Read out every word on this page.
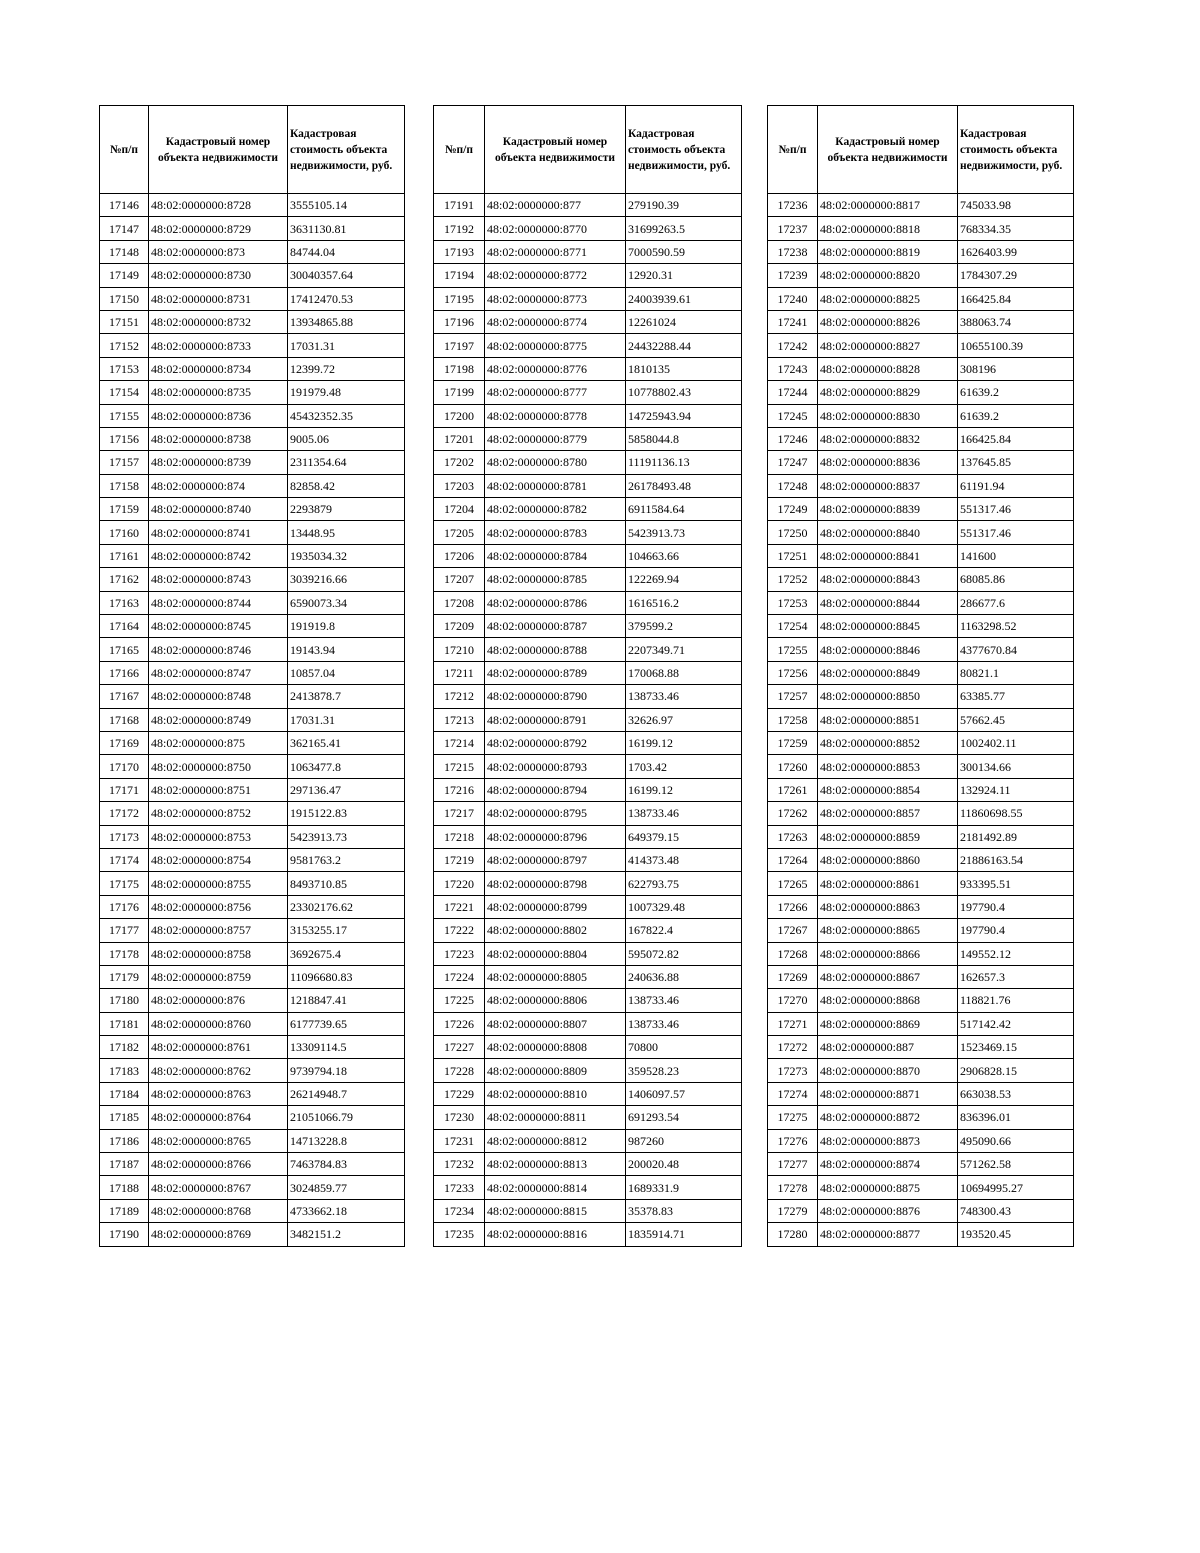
№п/п	Кадастровый номер объекта недвижимости	Кадастровая стоимость объекта недвижимости, руб.
17146	48:02:0000000:8728	3555105.14
17147	48:02:0000000:8729	3631130.81
17148	48:02:0000000:873	84744.04
17149	48:02:0000000:8730	30040357.64
17150	48:02:0000000:8731	17412470.53
17151	48:02:0000000:8732	13934865.88
17152	48:02:0000000:8733	17031.31
17153	48:02:0000000:8734	12399.72
17154	48:02:0000000:8735	191979.48
17155	48:02:0000000:8736	45432352.35
17156	48:02:0000000:8738	9005.06
17157	48:02:0000000:8739	2311354.64
17158	48:02:0000000:874	82858.42
17159	48:02:0000000:8740	2293879
17160	48:02:0000000:8741	13448.95
17161	48:02:0000000:8742	1935034.32
17162	48:02:0000000:8743	3039216.66
17163	48:02:0000000:8744	6590073.34
17164	48:02:0000000:8745	191919.8
17165	48:02:0000000:8746	19143.94
17166	48:02:0000000:8747	10857.04
17167	48:02:0000000:8748	2413878.7
17168	48:02:0000000:8749	17031.31
17169	48:02:0000000:875	362165.41
17170	48:02:0000000:8750	1063477.8
17171	48:02:0000000:8751	297136.47
17172	48:02:0000000:8752	1915122.83
17173	48:02:0000000:8753	5423913.73
17174	48:02:0000000:8754	9581763.2
17175	48:02:0000000:8755	8493710.85
17176	48:02:0000000:8756	23302176.62
17177	48:02:0000000:8757	3153255.17
17178	48:02:0000000:8758	3692675.4
17179	48:02:0000000:8759	11096680.83
17180	48:02:0000000:876	1218847.41
17181	48:02:0000000:8760	6177739.65
17182	48:02:0000000:8761	13309114.5
17183	48:02:0000000:8762	9739794.18
17184	48:02:0000000:8763	26214948.7
17185	48:02:0000000:8764	21051066.79
17186	48:02:0000000:8765	14713228.8
17187	48:02:0000000:8766	7463784.83
17188	48:02:0000000:8767	3024859.77
17189	48:02:0000000:8768	4733662.18
17190	48:02:0000000:8769	3482151.2
№п/п	Кадастровый номер объекта недвижимости	Кадастровая стоимость объекта недвижимости, руб.
17191	48:02:0000000:877	279190.39
17192	48:02:0000000:8770	31699263.5
17193	48:02:0000000:8771	7000590.59
17194	48:02:0000000:8772	12920.31
17195	48:02:0000000:8773	24003939.61
17196	48:02:0000000:8774	12261024
17197	48:02:0000000:8775	24432288.44
17198	48:02:0000000:8776	1810135
17199	48:02:0000000:8777	10778802.43
17200	48:02:0000000:8778	14725943.94
17201	48:02:0000000:8779	5858044.8
17202	48:02:0000000:8780	11191136.13
17203	48:02:0000000:8781	26178493.48
17204	48:02:0000000:8782	6911584.64
17205	48:02:0000000:8783	5423913.73
17206	48:02:0000000:8784	104663.66
17207	48:02:0000000:8785	122269.94
17208	48:02:0000000:8786	1616516.2
17209	48:02:0000000:8787	379599.2
17210	48:02:0000000:8788	2207349.71
17211	48:02:0000000:8789	170068.88
17212	48:02:0000000:8790	138733.46
17213	48:02:0000000:8791	32626.97
17214	48:02:0000000:8792	16199.12
17215	48:02:0000000:8793	1703.42
17216	48:02:0000000:8794	16199.12
17217	48:02:0000000:8795	138733.46
17218	48:02:0000000:8796	649379.15
17219	48:02:0000000:8797	414373.48
17220	48:02:0000000:8798	622793.75
17221	48:02:0000000:8799	1007329.48
17222	48:02:0000000:8802	167822.4
17223	48:02:0000000:8804	595072.82
17224	48:02:0000000:8805	240636.88
17225	48:02:0000000:8806	138733.46
17226	48:02:0000000:8807	138733.46
17227	48:02:0000000:8808	70800
17228	48:02:0000000:8809	359528.23
17229	48:02:0000000:8810	1406097.57
17230	48:02:0000000:8811	691293.54
17231	48:02:0000000:8812	987260
17232	48:02:0000000:8813	200020.48
17233	48:02:0000000:8814	1689331.9
17234	48:02:0000000:8815	35378.83
17235	48:02:0000000:8816	1835914.71
№п/п	Кадастровый номер объекта недвижимости	Кадастровая стоимость объекта недвижимости, руб.
17236	48:02:0000000:8817	745033.98
17237	48:02:0000000:8818	768334.35
17238	48:02:0000000:8819	1626403.99
17239	48:02:0000000:8820	1784307.29
17240	48:02:0000000:8825	166425.84
17241	48:02:0000000:8826	388063.74
17242	48:02:0000000:8827	10655100.39
17243	48:02:0000000:8828	308196
17244	48:02:0000000:8829	61639.2
17245	48:02:0000000:8830	61639.2
17246	48:02:0000000:8832	166425.84
17247	48:02:0000000:8836	137645.85
17248	48:02:0000000:8837	61191.94
17249	48:02:0000000:8839	551317.46
17250	48:02:0000000:8840	551317.46
17251	48:02:0000000:8841	141600
17252	48:02:0000000:8843	68085.86
17253	48:02:0000000:8844	286677.6
17254	48:02:0000000:8845	1163298.52
17255	48:02:0000000:8846	4377670.84
17256	48:02:0000000:8849	80821.1
17257	48:02:0000000:8850	63385.77
17258	48:02:0000000:8851	57662.45
17259	48:02:0000000:8852	1002402.11
17260	48:02:0000000:8853	300134.66
17261	48:02:0000000:8854	132924.11
17262	48:02:0000000:8857	11860698.55
17263	48:02:0000000:8859	2181492.89
17264	48:02:0000000:8860	21886163.54
17265	48:02:0000000:8861	933395.51
17266	48:02:0000000:8863	197790.4
17267	48:02:0000000:8865	197790.4
17268	48:02:0000000:8866	149552.12
17269	48:02:0000000:8867	162657.3
17270	48:02:0000000:8868	118821.76
17271	48:02:0000000:8869	517142.42
17272	48:02:0000000:887	1523469.15
17273	48:02:0000000:8870	2906828.15
17274	48:02:0000000:8871	663038.53
17275	48:02:0000000:8872	836396.01
17276	48:02:0000000:8873	495090.66
17277	48:02:0000000:8874	571262.58
17278	48:02:0000000:8875	10694995.27
17279	48:02:0000000:8876	748300.43
17280	48:02:0000000:8877	193520.45
